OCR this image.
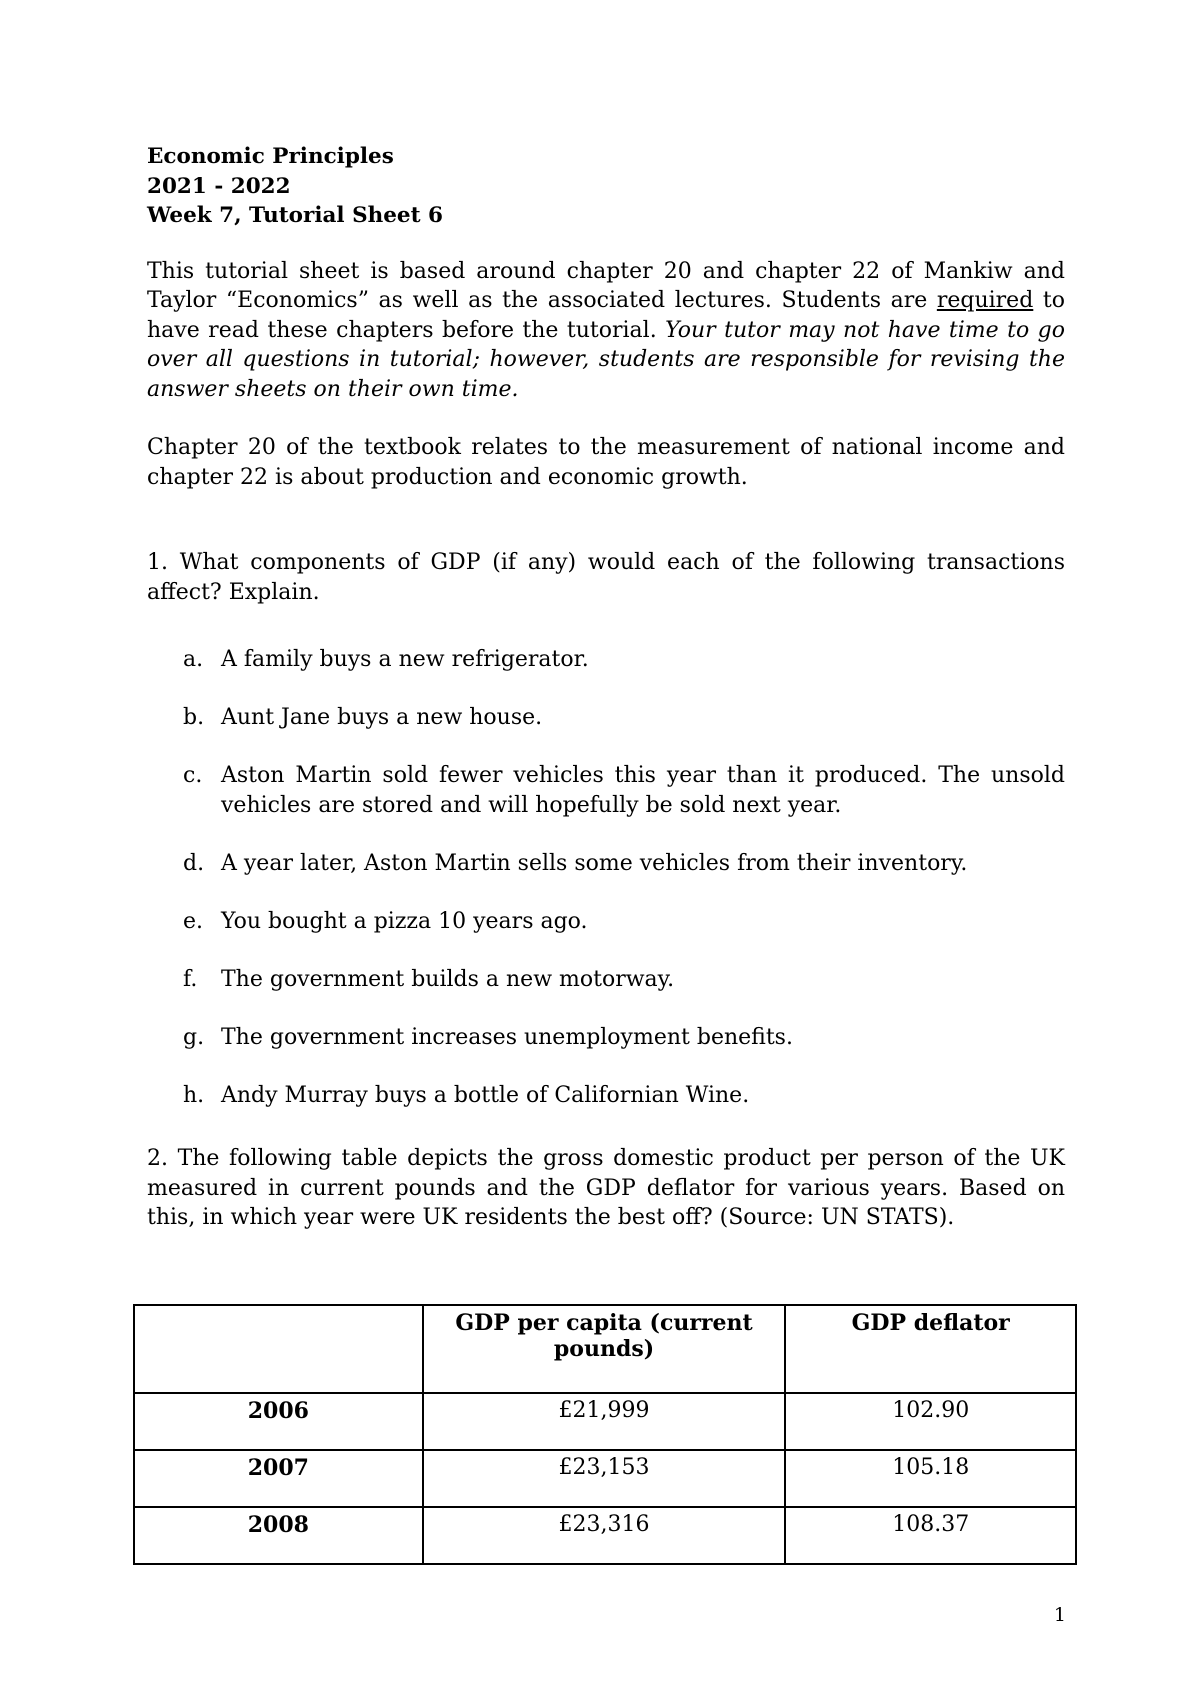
Economic Principles
2021 - 2022
Week 7, Tutorial Sheet 6

This tutorial sheet is based around chapter 20 and chapter 22 of Mankiw and Taylor “Economics” as well as the associated lectures. Students are required to have read these chapters before the tutorial. Your tutor may not have time to go over all questions in tutorial; however, students are responsible for revising the answer sheets on their own time.

Chapter 20 of the textbook relates to the measurement of national income and chapter 22 is about production and economic growth.

1. What components of GDP (if any) would each of the following transactions affect? Explain.

a. A family buys a new refrigerator.
b. Aunt Jane buys a new house.
c. Aston Martin sold fewer vehicles this year than it produced. The unsold vehicles are stored and will hopefully be sold next year.
d. A year later, Aston Martin sells some vehicles from their inventory.
e. You bought a pizza 10 years ago.
f.	The government builds a new motorway.
g. The government increases unemployment benefits.
h. Andy Murray buys a bottle of Californian Wine.

2. The following table depicts the gross domestic product per person of the UK measured in current pounds and the GDP deflator for various years. Based on this, in which year were UK residents the best off? (Source: UN STATS).

	GDP per capita (current pounds)	GDP deflator
2006	£21,999	102.90
2007	£23,153	105.18
2008	£23,316	108.37
1
